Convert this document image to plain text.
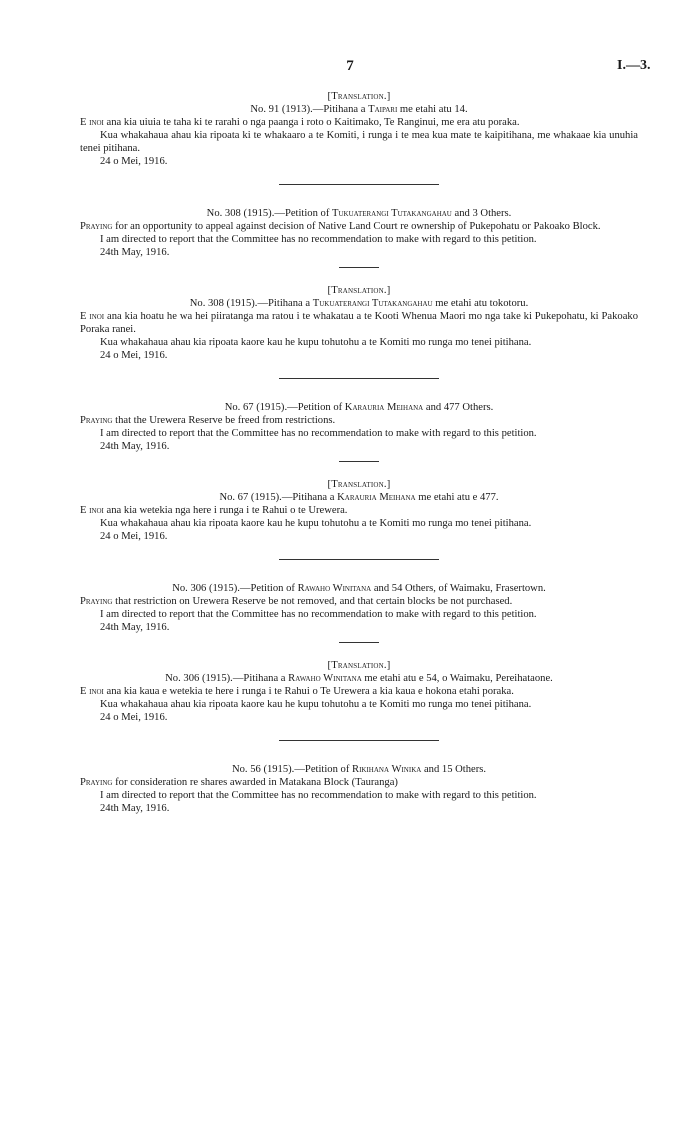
7	I.—3.
[Translation.]
No. 91 (1913).—Pitihana a Taipari me etahi atu 14.
E inoi ana kia uiuia te taha ki te rarahi o nga paanga i roto o Kaitimako, Te Ranginui, me era atu poraka.
Kua whakahaua ahau kia ripoata ki te whakaaro a te Komiti, i runga i te mea kua mate te kaipitihana, me whakaae kia unuhia tenei pitihana.
24 o Mei, 1916.
No. 308 (1915).—Petition of Tukuaterangi Tutakangahau and 3 Others.
Praying for an opportunity to appeal against decision of Native Land Court re ownership of Pukepohatu or Pakoako Block.
I am directed to report that the Committee has no recommendation to make with regard to this petition.
24th May, 1916.
[Translation.]
No. 308 (1915).—Pitihana a Tukuaterangi Tutakangahau me etahi atu tokotoru.
E inoi ana kia hoatu he wa hei piiratanga ma ratou i te whakatau a te Kooti Whenua Maori mo nga take ki Pukepohatu, ki Pakoako Poraka ranei.
Kua whakahaua ahau kia ripoata kaore kau he kupu tohutohu a te Komiti mo runga mo tenei pitihana.
24 o Mei, 1916.
No. 67 (1915).—Petition of Karauria Meihana and 477 Others.
Praying that the Urewera Reserve be freed from restrictions.
I am directed to report that the Committee has no recommendation to make with regard to this petition.
24th May, 1916.
[Translation.]
No. 67 (1915).—Pitihana a Karauria Meihana me etahi atu e 477.
E inoi ana kia wetekia nga here i runga i te Rahui o te Urewera.
Kua whakahaua ahau kia ripoata kaore kau he kupu tohutohu a te Komiti mo runga mo tenei pitihana.
24 o Mei, 1916.
No. 306 (1915).—Petition of Rawaho Winitana and 54 Others, of Waimaku, Frasertown.
Praying that restriction on Urewera Reserve be not removed, and that certain blocks be not purchased.
I am directed to report that the Committee has no recommendation to make with regard to this petition.
24th May, 1916.
[Translation.]
No. 306 (1915).—Pitihana a Rawaho Winitana me etahi atu e 54, o Waimaku, Pereihataone.
E inoi ana kia kaua e wetekia te here i runga i te Rahui o Te Urewera a kia kaua e hokona etahi poraka.
Kua whakahaua ahau kia ripoata kaore kau he kupu tohutohu a te Komiti mo runga mo tenei pitihana.
24 o Mei, 1916.
No. 56 (1915).—Petition of Rikihana Winika and 15 Others.
Praying for consideration re shares awarded in Matakana Block (Tauranga)
I am directed to report that the Committee has no recommendation to make with regard to this petition.
24th May, 1916.
